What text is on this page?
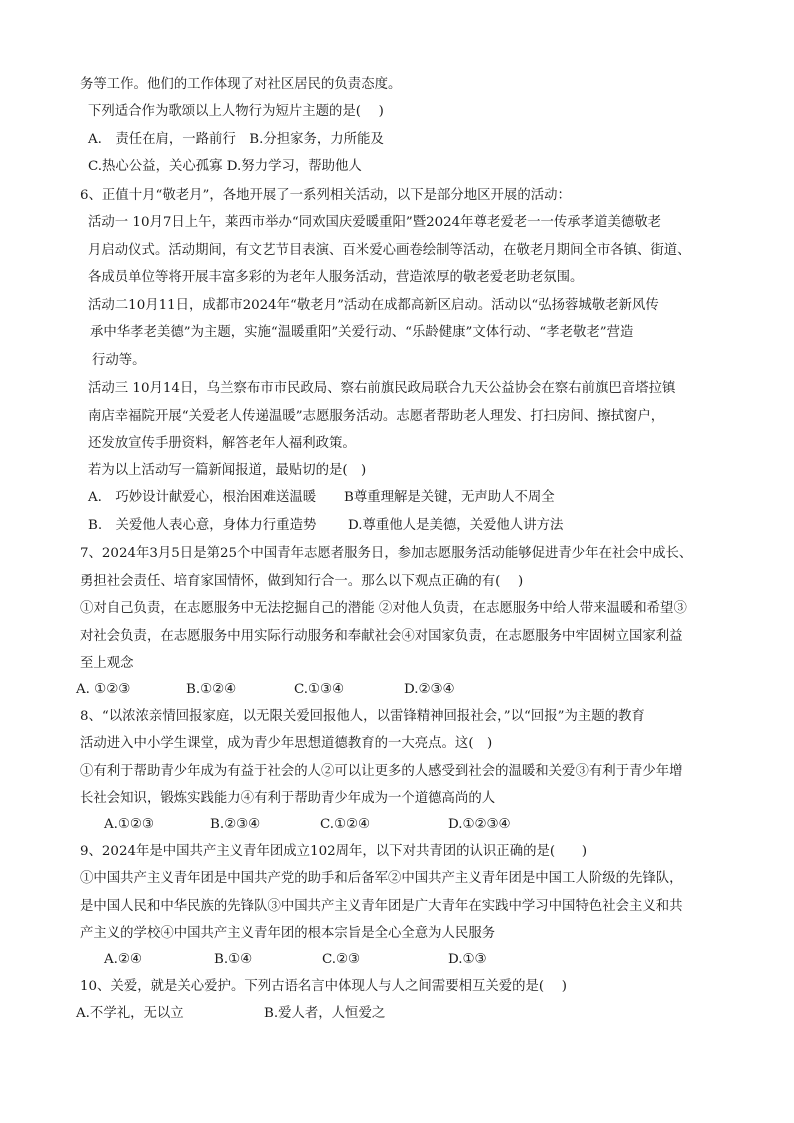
务等工作。他们的工作体现了对社区居民的负责态度。
下列适合作为歌颂以上人物行为短片主题的是(　 )
A.　责任在肩，一路前行　B.分担家务，力所能及
C.热心公益，关心孤寡 D.努力学习，帮助他人
6、正值十月“敬老月”，各地开展了一系列相关活动，以下是部分地区开展的活动：
活动一 10月7日上午，莱西市举办“同欢国庆爱暖重阳”暨2024年尊老爱老一一传承孝道美德敬老
月启动仪式。活动期间，有文艺节目表演、百米爱心画卷绘制等活动，在敬老月期间全市各镇、街道、
各成员单位等将开展丰富多彩的为老年人服务活动，营造浓厚的敬老爱老助老氛围。
活动二10月11日，成都市2024年“敬老月”活动在成都高新区启动。活动以“弘扬蓉城敬老新风传
承中华孝老美德”为主题，实施“温暖重阳”关爱行动、“乐龄健康”文体行动、“孝老敬老”营造
行动等。
活动三 10月14日，乌兰察布市市民政局、察右前旗民政局联合九天公益协会在察右前旗巴音塔拉镇
南店幸福院开展“关爱老人传递温暖”志愿服务活动。志愿者帮助老人理发、打扫房间、擦拭窗户，
还发放宣传手册资料，解答老年人福利政策。
若为以上活动写一篇新闻报道，最贴切的是(　)
A.　巧妙设计献爱心，根治困难送温暖 B尊重理解是关键，无声助人不周全
B.　关爱他人表心意，身体力行重造势 D.尊重他人是美德，关爱他人讲方法
7、2024年3月5日是第25个中国青年志愿者服务日，参加志愿服务活动能够促进青少年在社会中成长、
勇担社会责任、培育家国情怀，做到知行合一。那么以下观点正确的有(　 )
①对自己负责，在志愿服务中无法挖掘自己的潜能 ②对他人负责，在志愿服务中给人带来温暖和希望③
对社会负责，在志愿服务中用实际行动服务和奉献社会④对国家负责，在志愿服务中牢固树立国家利益
至上观念
A. ①②③	B.①②④	C.①③④	D.②③④
8、“以浓浓亲情回报家庭，以无限关爱回报他人，以雷锋精神回报社会，”以“回报”为主题的教育
活动进入中小学生课堂，成为青少年思想道德教育的一大亮点。这(　)
①有利于帮助青少年成为有益于社会的人②可以让更多的人感受到社会的温暖和关爱③有利于青少年增
长社会知识，锻炼实践能力④有利于帮助青少年成为一个道德高尚的人
A.①②③	B.②③④	C.①②④	D.①②③④
9、2024年是中国共产主义青年团成立102周年，以下对共青团的认识正确的是(　　)
①中国共产主义青年团是中国共产党的助手和后备军②中国共产主义青年团是中国工人阶级的先锋队，
是中国人民和中华民族的先锋队③中国共产主义青年团是广大青年在实践中学习中国特色社会主义和共
产主义的学校④中国共产主义青年团的根本宗旨是全心全意为人民服务
A.②④	B.①④	C.②③	D.①③
10、关爱，就是关心爱护。下列古语名言中体现人与人之间需要相互关爱的是(　 )
A.不学礼，无以立	B.爱人者，人恒爱之
